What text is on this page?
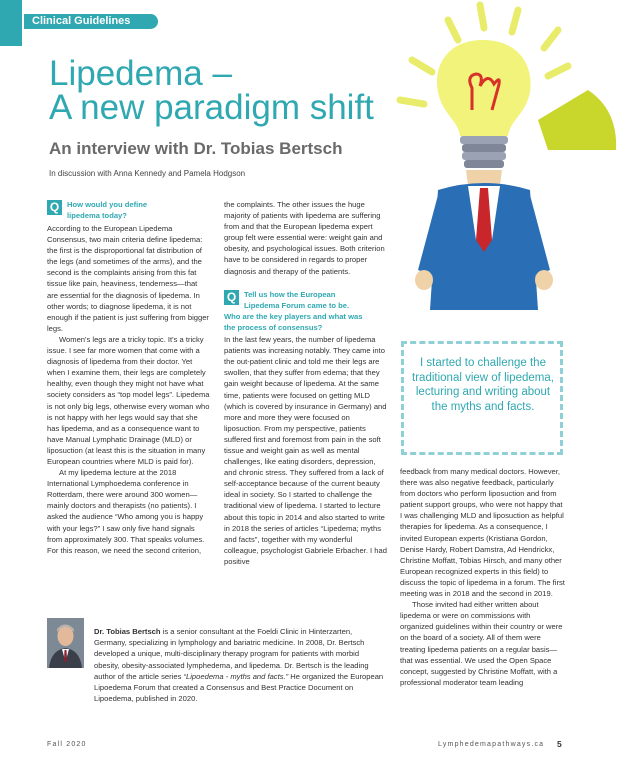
Clinical Guidelines
Lipedema –
A new paradigm shift
An interview with Dr. Tobias Bertsch
In discussion with Anna Kennedy and Pamela Hodgson
Q	How would you define
lipedema today?

According to the European Lipedema Consensus, two main criteria define lipedema: the first is the disproportional fat distribution of the legs (and sometimes of the arms), and the second is the complaints arising from this fat tissue like pain, heaviness, tenderness—that are essential for the diagnosis of lipedema. In other words; to diagnose lipedema, it is not enough if the patient is just suffering from bigger legs.

Women's legs are a tricky topic. It's a tricky issue. I see far more women that come with a diagnosis of lipedema from their doctor. Yet when I examine them, their legs are completely healthy, even though they might not have what society considers as “top model legs”. Lipedema is not only big legs, otherwise every woman who is not happy with her legs would say that she has lipedema, and as a consequence want to have Manual Lymphatic Drainage (MLD) or liposuction (at least this is the situation in many European countries where MLD is paid for).

At my lipedema lecture at the 2018 International Lymphoedema conference in Rotterdam, there were around 300 women—mainly doctors and therapists (no patients). I asked the audience “Who among you is happy with your legs?” I saw only five hand signals from approximately 300. That speaks volumes. For this reason, we need the second criterion,

the complaints. The other issues the huge majority of patients with lipedema are suffering from and that the European lipedema expert group felt were essential were: weight gain and obesity, and psychological issues. Both criterion have to be considered in regards to proper diagnosis and therapy of the patients.

Q	Tell us how the European
Lipedema Forum came to be.
Who are the key players and what was
the process of consensus?

In the last few years, the number of lipedema patients was increasing notably. They came into the out-patient clinic and told me their legs are swollen, that they suffer from edema; that they gain weight because of lipedema. At the same time, patients were focused on getting MLD (which is covered by insurance in Germany) and more and more they were focused on liposuction. From my perspective, patients suffered first and foremost from pain in the soft tissue and weight gain as well as mental challenges, like eating disorders, depression, and chronic stress. They suffered from a lack of self-acceptance because of the current beauty ideal in society. So I started to challenge the traditional view of lipedema. I started to lecture about this topic in 2014 and also started to write in 2018 the series of articles “Lipedema; myths and facts”, together with my wonderful colleague, psychologist Gabriele Erbacher. I had positive

I started to challenge the traditional view of lipedema, lecturing and writing about the myths and facts.

feedback from many medical doctors. However, there was also negative feedback, particularly from doctors who perform liposuction and from patient support groups, who were not happy that I was challenging MLD and liposuction as helpful therapies for lipedema. As a consequence, I invited European experts (Kristiana Gordon, Denise Hardy, Robert Damstra, Ad Hendrickx, Christine Moffatt, Tobias Hirsch, and many other European recognized experts in this field) to discuss the topic of lipedema in a forum. The first meeting was in 2018 and the second in 2019.

Those invited had either written about lipedema or were on commissions with organized guidelines within their country or were on the board of a society. All of them were treating lipedema patients on a regular basis—that was essential. We used the Open Space concept, suggested by Christine Moffatt, with a professional moderator team leading

Dr. Tobias Bertsch is a senior consultant at the Foeldi Clinic in Hinterzarten, Germany, specializing in lymphology and bariatric medicine. In 2008, Dr. Bertsch developed a unique, multi-disciplinary therapy program for patients with morbid obesity, obesity-associated lymphedema, and lipedema. Dr. Bertsch is the leading author of the article series “Lipoedema - myths and facts.” He organized the European Lipoedema Forum that created a Consensus and Best Practice Document on Lipoedema, published in 2020.
Fall 2020	Lymphedemapathways.ca 5
